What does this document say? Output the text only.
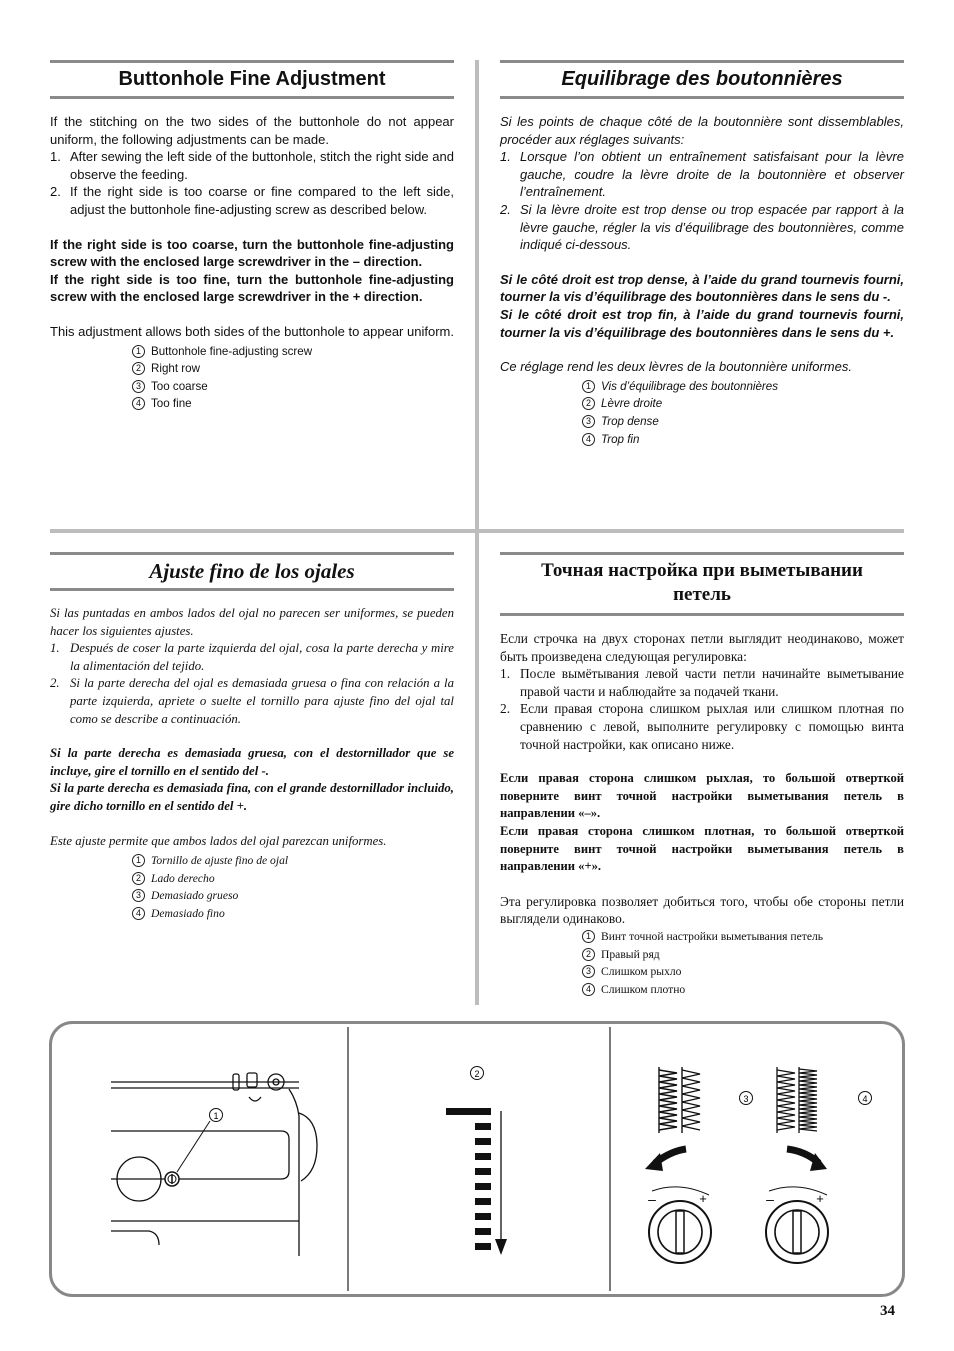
Buttonhole Fine Adjustment

If the stitching on the two sides of the buttonhole do not appear uniform, the following adjustments can be made.

1. After sewing the left side of the buttonhole, stitch the right side and observe the feeding.
2. If the right side is too coarse or fine compared to the left side, adjust the buttonhole fine-adjusting screw as described below.

If the right side is too coarse, turn the buttonhole fine-adjusting screw with the enclosed large screwdriver in the – direction.

If the right side is too fine, turn the buttonhole fine-adjusting screw with the enclosed large screwdriver in the + direction.

This adjustment allows both sides of the buttonhole to appear uniform.

1 Buttonhole fine-adjusting screw
2 Right row
3 Too coarse
4 Too fine
Equilibrage des boutonnières

Si les points de chaque côté de la boutonnière sont dissemblables, procéder aux réglages suivants:

1. Lorsque l’on obtient un entraînement satisfaisant pour la lèvre gauche, coudre la lèvre droite de la boutonnière et observer l’entraînement.
2. Si la lèvre droite est trop dense ou trop espacée par rapport à la lèvre gauche, régler la vis d’équilibrage des boutonnières, comme indiqué ci-dessous.

Si le côté droit est trop dense, à l’aide du grand tournevis fourni, tourner la vis d’équilibrage des boutonnières dans le sens du -.

Si le côté droit est trop fin, à l’aide du grand tournevis fourni, tourner la vis d’équilibrage des boutonnières dans le sens du +.

Ce réglage rend les deux lèvres de la boutonnière uniformes.

1 Vis d’équilibrage des boutonnières
2 Lèvre droite
3 Trop dense
4 Trop fin
Ajuste fino de los ojales

Si las puntadas en ambos lados del ojal no parecen ser uniformes, se pueden hacer los siguientes ajustes.

1. Después de coser la parte izquierda del ojal, cosa la parte derecha y mire la alimentación del tejido.
2. Si la parte derecha del ojal es demasiada gruesa o fina con relación a la parte izquierda, apriete o suelte el tornillo para ajuste fino del ojal tal como se describe a continuación.

Si la parte derecha es demasiada gruesa, con el destornillador que se incluye, gire el tornillo en el sentido del -.

Si la parte derecha es demasiada fina, con el grande destornillador incluido, gire dicho tornillo en el sentido del +.

Este ajuste permite que ambos lados del ojal parezcan uniformes.

1 Tornillo de ajuste fino de ojal
2 Lado derecho
3 Demasiado grueso
4 Demasiado fino
Точная настройка при выметывании
петель

Если строчка на двух сторонах петли выглядит неодинаково, может быть произведена следующая регулировка:

1. После вымётывания левой части петли начинайте выметывание правой части и наблюдайте за подачей ткани.
2. Если правая сторона слишком рыхлая или слишком плотная по сравнению с левой, выполните регулировку с помощью винта точной настройки, как описано ниже.

Если правая сторона слишком рыхлая, то большой отверткой поверните винт точной настройки выметывания петель в направлении «–».

Если правая сторона слишком плотная, то большой отверткой поверните винт точной настройки выметывания петель в направлении «+».

Эта регулировка позволяет добиться того, чтобы обе стороны петли выглядели одинаково.

1 Винт точной настройки выметывания петель
2 Правый ряд
3 Слишком рыхло
4 Слишком плотно
1
2
3	4
–	+	–	+
34
